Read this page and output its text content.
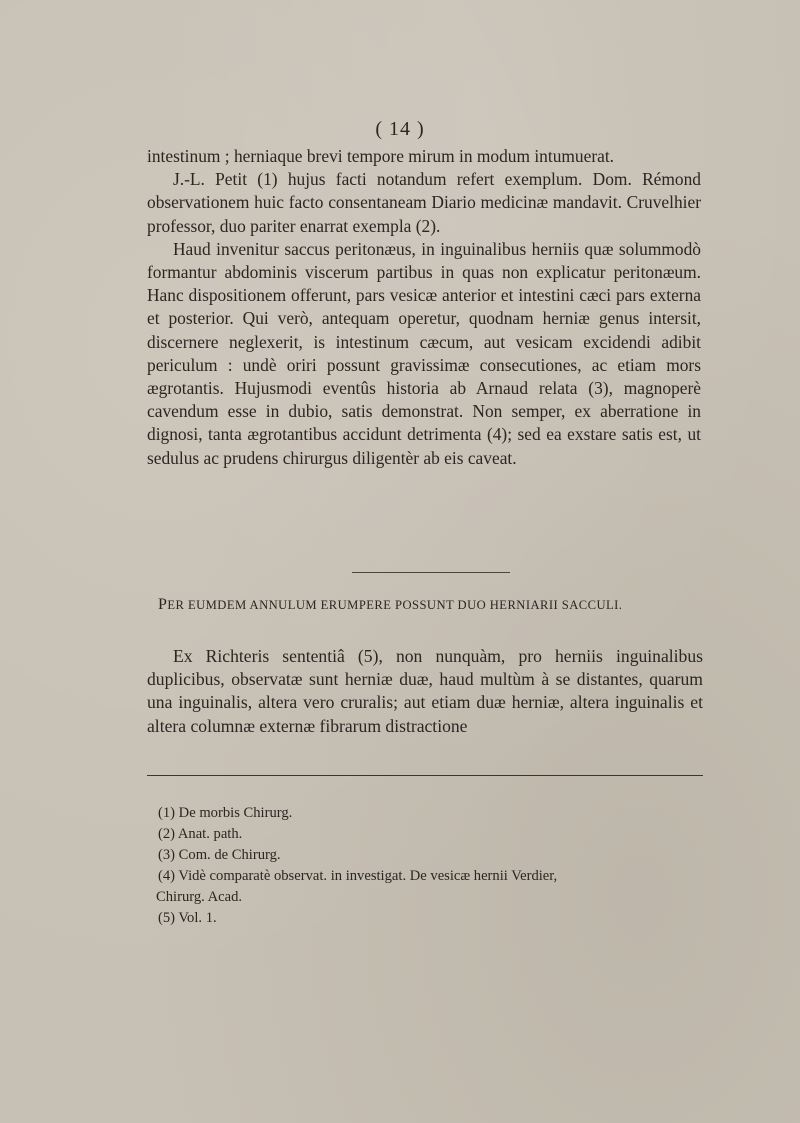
( 14 )

intestinum ; herniaque brevi tempore mirum in modum intumuerat.

J.-L. Petit (1) hujus facti notandum refert exemplum. Dom. Rémond observationem huic facto consentaneam Diario medicinæ mandavit. Cruvelhier professor, duo pariter enarrat exempla (2).

Haud invenitur saccus peritonæus, in inguinalibus herniis quæ solummodò formantur abdominis viscerum partibus in quas non explicatur peritonæum. Hanc dispositionem offerunt, pars vesicæ anterior et intestini cæci pars externa et posterior. Qui verò, antequam operetur, quodnam herniæ genus intersit, discernere neglexerit, is intestinum cæcum, aut vesicam excidendi adibit periculum : undè oriri possunt gravissimæ consecutiones, ac etiam mors ægrotantis. Hujusmodi eventûs historia ab Arnaud relata (3), magnoperè cavendum esse in dubio, satis demonstrat. Non semper, ex aberratione in dignosi, tanta ægrotantibus accidunt detrimenta (4); sed ea exstare satis est, ut sedulus ac prudens chirurgus diligentèr ab eis caveat.

PER EUMDEM ANNULUM ERUMPERE POSSUNT DUO HERNIARII SACCULI.

Ex Richteris sententiâ (5), non nunquàm, pro herniis inguinalibus duplicibus, observatæ sunt herniæ duæ, haud multùm à se distantes, quarum una inguinalis, altera vero cruralis; aut etiam duæ herniæ, altera inguinalis et altera columnæ externæ fibrarum distractione

(1) De morbis Chirurg.

(2) Anat. path.

(3) Com. de Chirurg.

(4) Vidè comparatè observat. in investigat. De vesicæ hernii Verdier,

Chirurg. Acad.

(5) Vol. 1.
